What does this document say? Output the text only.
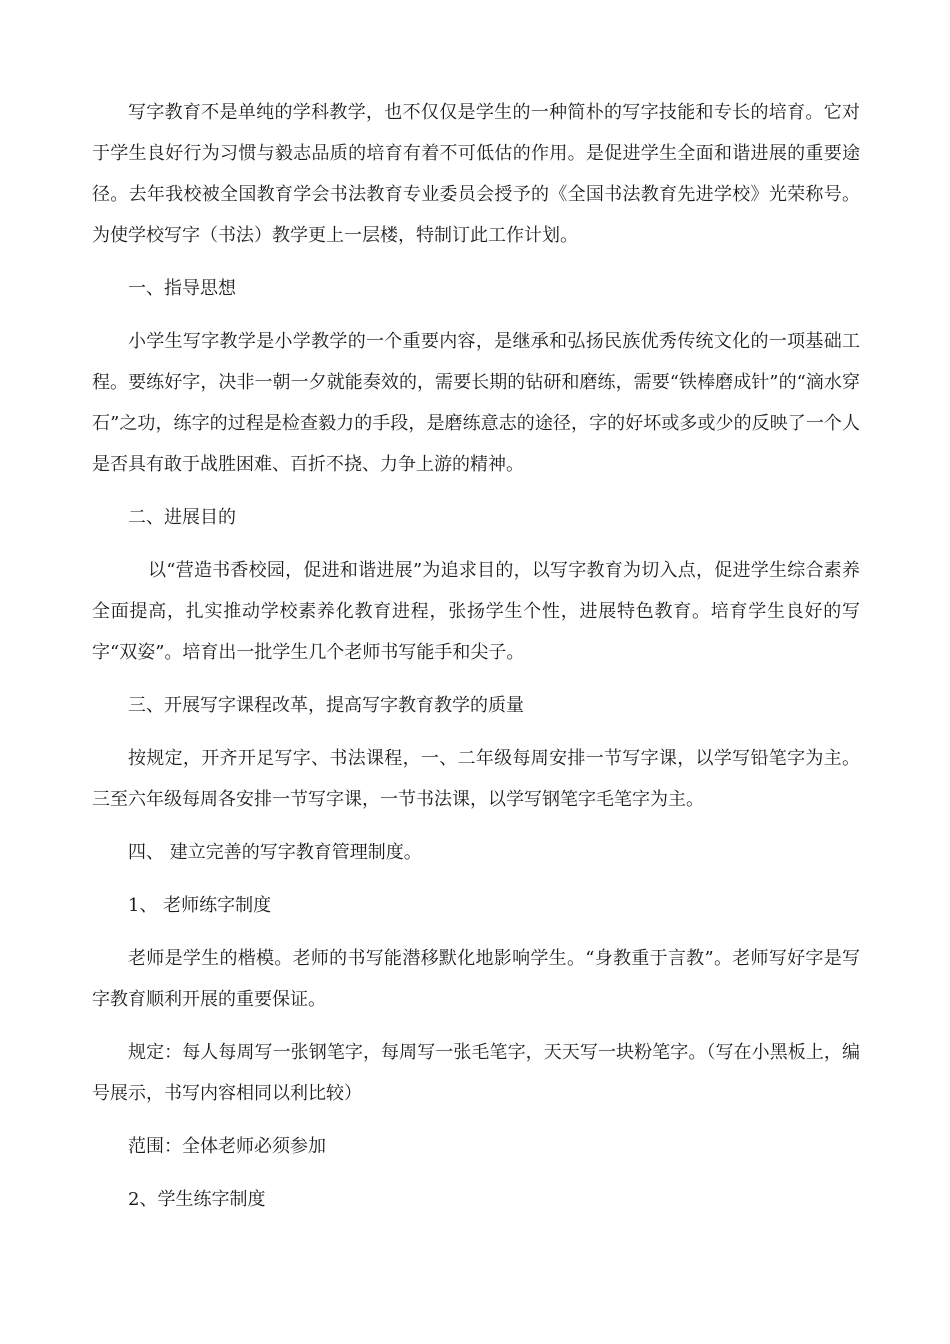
写字教育不是单纯的学科教学，也不仅仅是学生的一种简朴的写字技能和专长的培育。它对于学生良好行为习惯与毅志品质的培育有着不可低估的作用。是促进学生全面和谐进展的重要途径。去年我校被全国教育学会书法教育专业委员会授予的《全国书法教育先进学校》光荣称号。为使学校写字（书法）教学更上一层楼，特制订此工作计划。

一、指导思想

小学生写字教学是小学教学的一个重要内容，是继承和弘扬民族优秀传统文化的一项基础工程。要练好字，决非一朝一夕就能奏效的，需要长期的钻研和磨练，需要“铁棒磨成针”的“滴水穿石”之功，练字的过程是检查毅力的手段，是磨练意志的途径，字的好坏或多或少的反映了一个人是否具有敢于战胜困难、百折不挠、力争上游的精神。

二、进展目的

以“营造书香校园，促进和谐进展”为追求目的，以写字教育为切入点，促进学生综合素养全面提高，扎实推动学校素养化教育进程，张扬学生个性，进展特色教育。培育学生良好的写字“双姿”。培育出一批学生几个老师书写能手和尖子。

三、开展写字课程改革，提高写字教育教学的质量

按规定，开齐开足写字、书法课程，一、二年级每周安排一节写字课，以学写铅笔字为主。三至六年级每周各安排一节写字课，一节书法课，以学写钢笔字毛笔字为主。

四、 建立完善的写字教育管理制度。
1、 老师练字制度

老师是学生的楷模。老师的书写能潜移默化地影响学生。“身教重于言教”。老师写好字是写字教育顺利开展的重要保证。

规定：每人每周写一张钢笔字，每周写一张毛笔字，天天写一块粉笔字。（写在小黑板上，编号展示，书写内容相同以利比较）

范围：全体老师必须参加
2、学生练字制度
